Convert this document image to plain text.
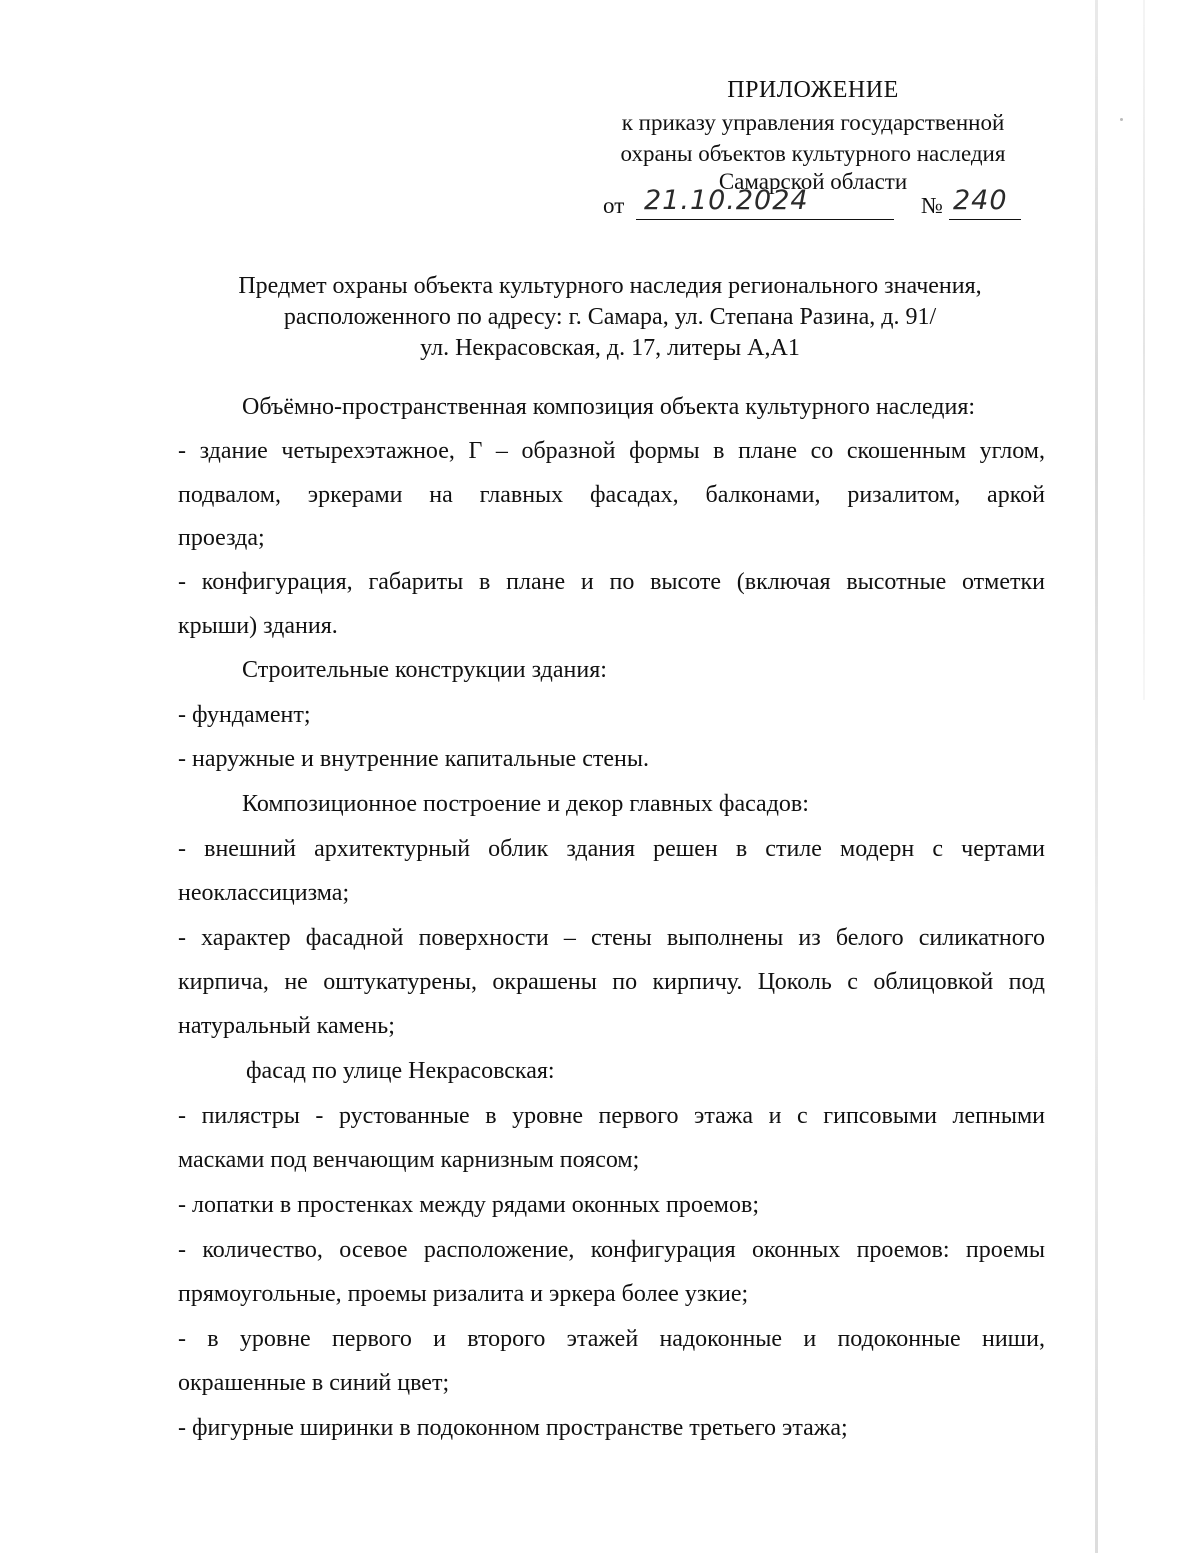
ПРИЛОЖЕНИЕ
к приказу управления государственной
охраны объектов культурного наследия
Самарской области
от 21.10.2024	№ 240
Предмет охраны объекта культурного наследия регионального значения,
расположенного по адресу: г. Самара, ул. Степана Разина, д. 91/
ул. Некрасовская, д. 17, литеры А,А1
Объёмно-пространственная композиция объекта культурного наследия:
- здание четырехэтажное, Г – образной формы в плане со скошенным углом,
подвалом, эркерами на главных фасадах, балконами, ризалитом, аркой
проезда;
- конфигурация, габариты в плане и по высоте (включая высотные отметки
крыши) здания.
Строительные конструкции здания:
- фундамент;
- наружные и внутренние капитальные стены.
Композиционное построение и декор главных фасадов:
- внешний архитектурный облик здания решен в стиле модерн с чертами
неоклассицизма;
- характер фасадной поверхности – стены выполнены из белого силикатного
кирпича, не оштукатурены, окрашены по кирпичу. Цоколь с облицовкой под
натуральный камень;
фасад по улице Некрасовская:
- пилястры - рустованные в уровне первого этажа и с гипсовыми лепными
масками под венчающим карнизным поясом;
- лопатки в простенках между рядами оконных проемов;
- количество, осевое расположение, конфигурация оконных проемов: проемы
прямоугольные, проемы ризалита и эркера более узкие;
- в уровне первого и второго этажей надоконные и подоконные ниши,
окрашенные в синий цвет;
- фигурные ширинки в подоконном пространстве третьего этажа;
